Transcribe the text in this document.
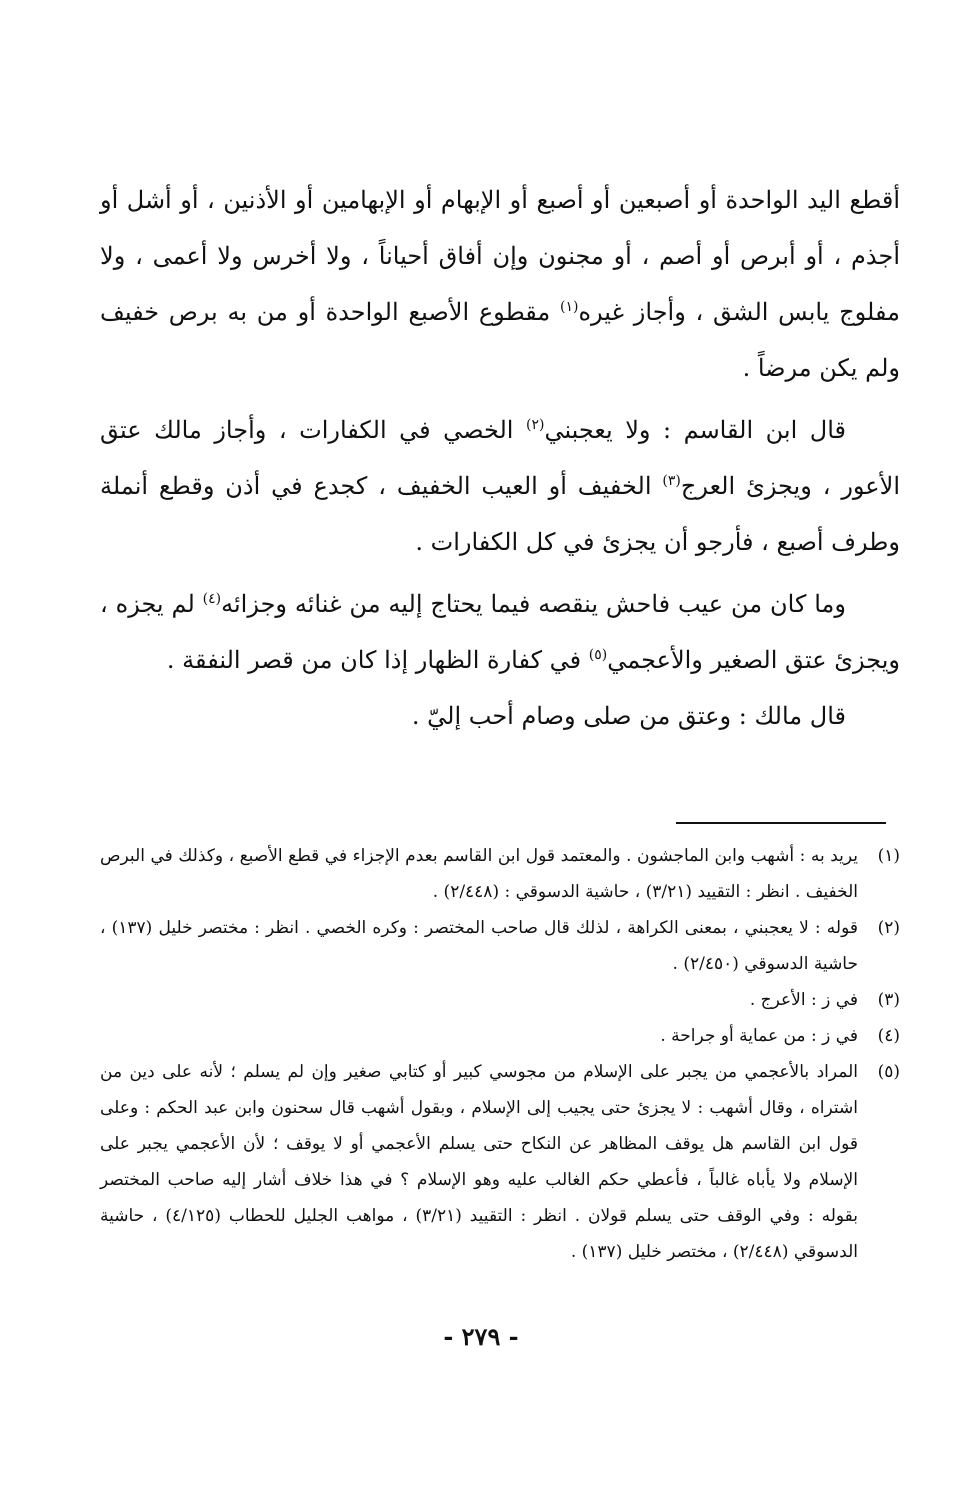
أقطع اليد الواحدة أو أصبعين أو أصبع أو الإبهام أو الإبهامين أو الأذنين ، أو أشل أو أجذم ، أو أبرص أو أصم ، أو مجنون وإن أفاق أحياناً ، ولا أخرس ولا أعمى ، ولا مفلوج يابس الشق ، وأجاز غيره$^{(١)}$ مقطوع الأصبع الواحدة أو من به برص خفيف ولم يكن مرضاً .

قال ابن القاسم : ولا يعجبني$^{(٢)}$ الخصي في الكفارات ، وأجاز مالك عتق الأعور ، ويجزئ العرج$^{(٣)}$ الخفيف أو العيب الخفيف ، كجدع في أذن وقطع أنملة وطرف أصبع ، فأرجو أن يجزئ في كل الكفارات .

وما كان من عيب فاحش ينقصه فيما يحتاج إليه من غنائه وجزائه$^{(٤)}$ لم يجزه ، ويجزئ عتق الصغير والأعجمي$^{(٥)}$ في كفارة الظهار إذا كان من قصر النفقة .

قال مالك : وعتق من صلى وصام أحب إليّ .

(١)
يريد به : أشهب وابن الماجشون . والمعتمد قول ابن القاسم بعدم الإجزاء في قطع الأصبع ، وكذلك في البرص الخفيف . انظر : التقييد (٣/٢١) ، حاشية الدسوقي : (٢/٤٤٨) .
(٢)
قوله : لا يعجبني ، بمعنى الكراهة ، لذلك قال صاحب المختصر : وكره الخصي . انظر : مختصر خليل (١٣٧) ، حاشية الدسوقي (٢/٤٥٠) .
(٣)
في ز : الأعرج .
(٤)
في ز : من عماية أو جراحة .
(٥)
المراد بالأعجمي من يجبر على الإسلام من مجوسي كبير أو كتابي صغير وإن لم يسلم ؛ لأنه على دين من اشتراه ، وقال أشهب : لا يجزئ حتى يجيب إلى الإسلام ، وبقول أشهب قال سحنون وابن عبد الحكم : وعلى قول ابن القاسم هل يوقف المظاهر عن النكاح حتى يسلم الأعجمي أو لا يوقف ؛ لأن الأعجمي يجبر على الإسلام ولا يأباه غالباً ، فأعطي حكم الغالب عليه وهو الإسلام ؟ في هذا خلاف أشار إليه صاحب المختصر بقوله : وفي الوقف حتى يسلم قولان . انظر : التقييد (٣/٢١) ، مواهب الجليل للحطاب (٤/١٢٥) ، حاشية الدسوقي (٢/٤٤٨) ، مختصر خليل (١٣٧) .
- ٢٧٩ -
